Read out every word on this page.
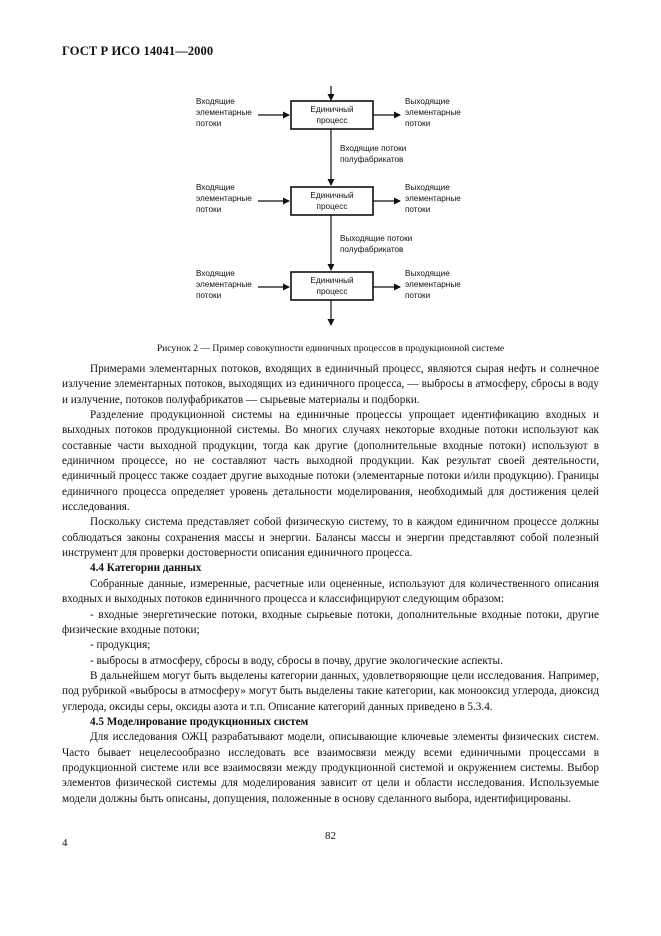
ГОСТ Р ИСО 14041—2000
Единичный
процесс
Входящие
элементарные
потоки
Выходящие
элементарные
потоки
Входящие потоки
полуфабрикатов
Единичный
процесс
Входящие
элементарные
потоки
Выходящие
элементарные
потоки
Выходящие потоки
полуфабрикатов
Единичный
процесс
Входящие
элементарные
потоки
Выходящие
элементарные
потоки
Рисунок 2 — Пример совокупности единичных процессов в продукционной системе

Примерами элементарных потоков, входящих в единичный процесс, являются сырая нефть и солнечное излучение элементарных потоков, выходящих из единичного процесса, — выбросы в атмосферу, сбросы в воду и излучение, потоков полуфабрикатов — сырьевые материалы и подборки.

Разделение продукционной системы на единичные процессы упрощает идентификацию входных и выходных потоков продукционной системы. Во многих случаях некоторые входные потоки используют как составные части выходной продукции, тогда как другие (дополнительные входные потоки) используют в единичном процессе, но не составляют часть выходной продукции. Как результат своей деятельности, единичный процесс также создает другие выходные потоки (элементарные потоки и/или продукцию). Границы единичного процесса определяет уровень детальности моделирования, необходимый для достижения целей исследования.

Поскольку система представляет собой физическую систему, то в каждом единичном процессе должны соблюдаться законы сохранения массы и энергии. Балансы массы и энергии представляют собой полезный инструмент для проверки достоверности описания единичного процесса.

4.4 Категории данных

Собранные данные, измеренные, расчетные или оцененные, используют для количественного описания входных и выходных потоков единичного процесса и классифицируют следующим образом:

- входные энергетические потоки, входные сырьевые потоки, дополнительные входные потоки, другие физические входные потоки;

- продукция;

- выбросы в атмосферу, сбросы в воду, сбросы в почву, другие экологические аспекты.

В дальнейшем могут быть выделены категории данных, удовлетворяющие цели исследования. Например, под рубрикой «выбросы в атмосферу» могут быть выделены такие категории, как монооксид углерода, диоксид углерода, оксиды серы, оксиды азота и т.п. Описание категорий данных приведено в 5.3.4.

4.5 Моделирование продукционных систем

Для исследования ОЖЦ разрабатывают модели, описывающие ключевые элементы физических систем. Часто бывает нецелесообразно исследовать все взаимосвязи между всеми единичными процессами в продукционной системе или все взаимосвязи между продукционной системой и окружением системы. Выбор элементов физической системы для моделирования зависит от цели и области исследования. Используемые модели должны быть описаны, допущения, положенные в основу сделанного выбора, идентифицированы.

4
82
